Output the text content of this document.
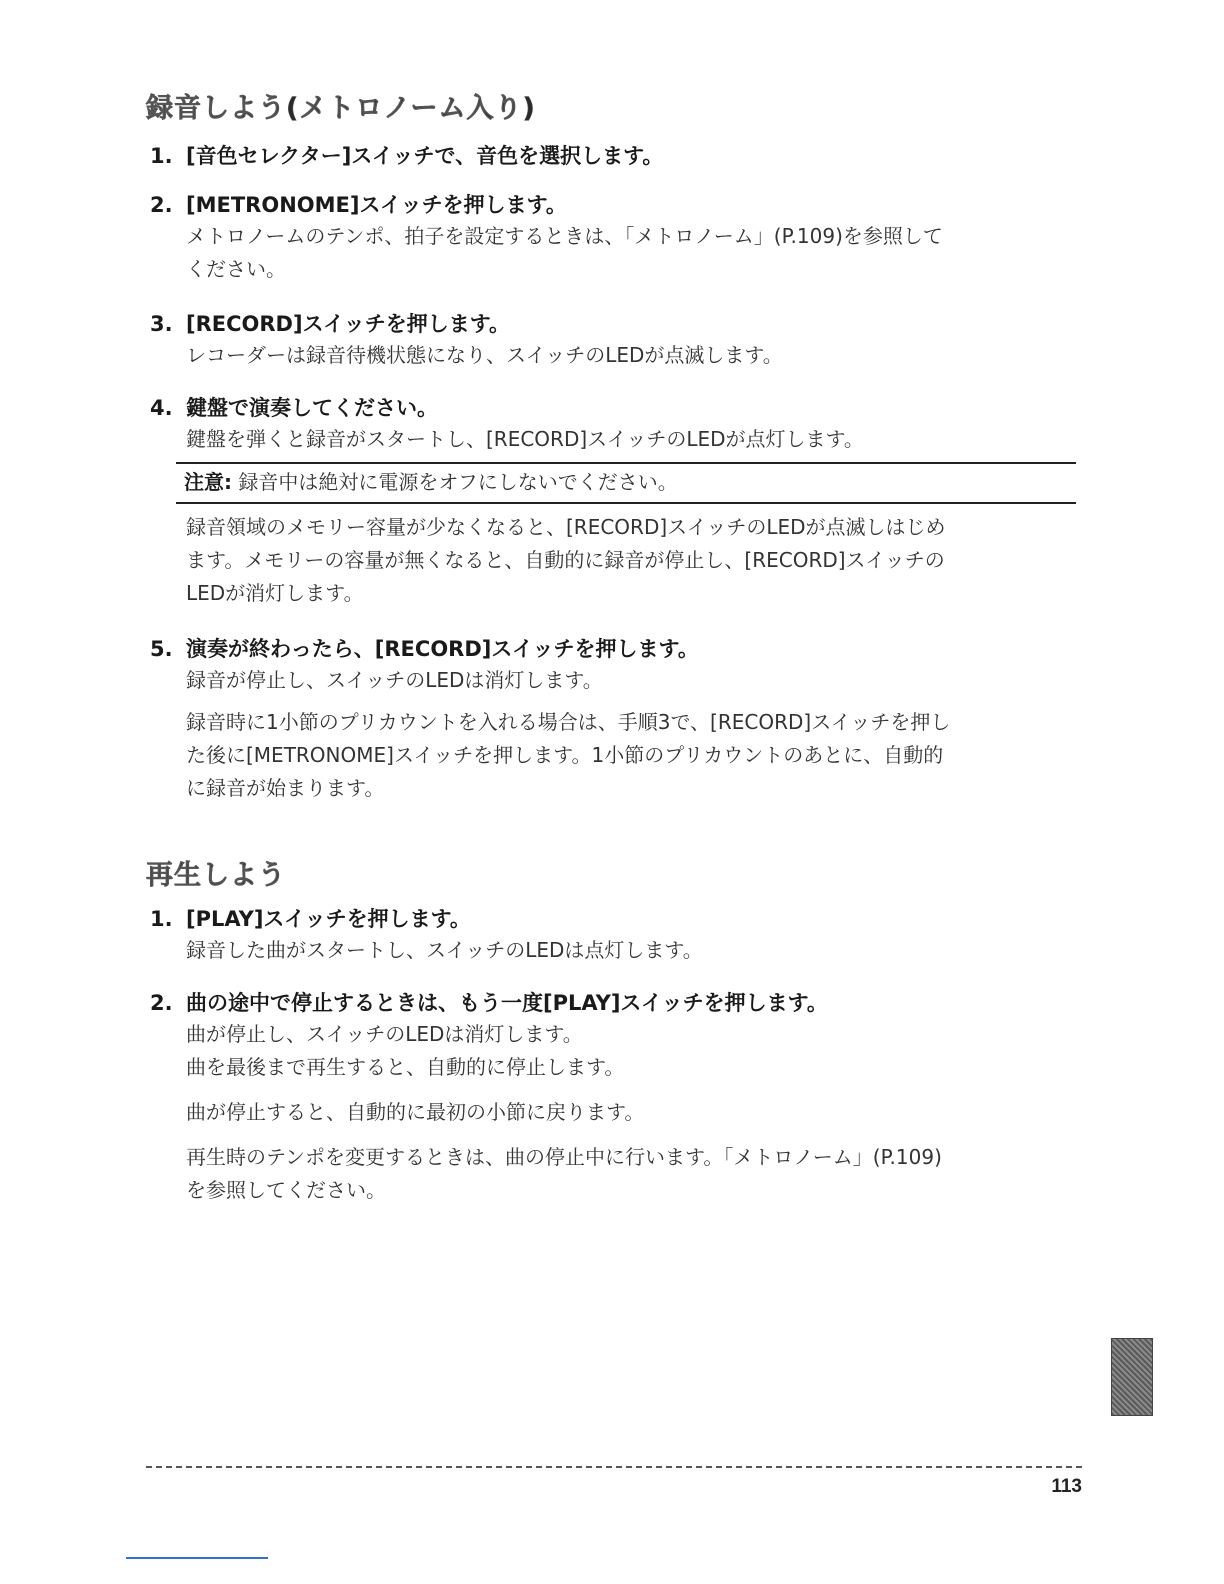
録音しよう(メトロノーム入り)
1. [音色セレクター]スイッチで、音色を選択します。
2. [METRONOME]スイッチを押します。
メトロノームのテンポ、拍子を設定するときは、「メトロノーム」(P.109)を参照して
ください。
3. [RECORD]スイッチを押します。
レコーダーは録音待機状態になり、スイッチのLEDが点滅します。
4. 鍵盤で演奏してください。
鍵盤を弾くと録音がスタートし、[RECORD]スイッチのLEDが点灯します。
注意: 録音中は絶対に電源をオフにしないでください。
録音領域のメモリー容量が少なくなると、[RECORD]スイッチのLEDが点滅しはじめ
ます。メモリーの容量が無くなると、自動的に録音が停止し、[RECORD]スイッチの
LEDが消灯します。
5. 演奏が終わったら、[RECORD]スイッチを押します。
録音が停止し、スイッチのLEDは消灯します。
録音時に1小節のプリカウントを入れる場合は、手順3で、[RECORD]スイッチを押し
た後に[METRONOME]スイッチを押します。1小節のプリカウントのあとに、自動的
に録音が始まります。
再生しよう
1. [PLAY]スイッチを押します。
録音した曲がスタートし、スイッチのLEDは点灯します。
2. 曲の途中で停止するときは、もう一度[PLAY]スイッチを押します。
曲が停止し、スイッチのLEDは消灯します。
曲を最後まで再生すると、自動的に停止します。
曲が停止すると、自動的に最初の小節に戻ります。
再生時のテンポを変更するときは、曲の停止中に行います。「メトロノーム」(P.109)
を参照してください。
113
